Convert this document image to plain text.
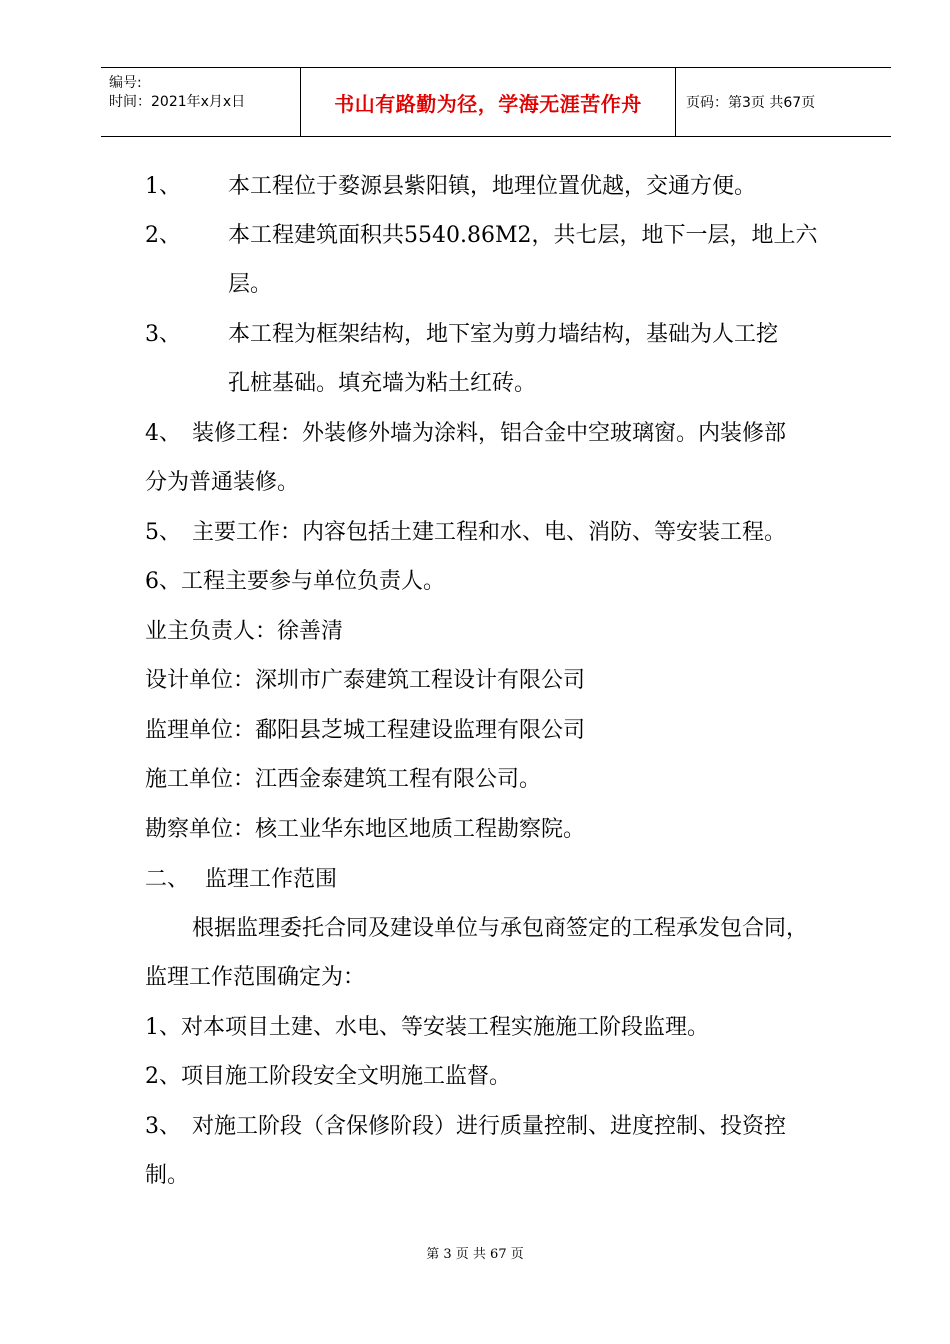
编号:
时间：2021年x月x日	书山有路勤为径，学海无涯苦作舟	页码：第3页 共67页
1、 本工程位于婺源县紫阳镇，地理位置优越，交通方便。
2、 本工程建筑面积共5540.86M2，共七层，地下一层，地上六
层。
3、 本工程为框架结构，地下室为剪力墙结构，基础为人工挖
孔桩基础。填充墙为粘土红砖。
4、 装修工程：外装修外墙为涂料，铝合金中空玻璃窗。内装修部
分为普通装修。
5、 主要工作：内容包括土建工程和水、电、消防、等安装工程。
6、工程主要参与单位负责人。
业主负责人：徐善清
设计单位：深圳市广泰建筑工程设计有限公司
监理单位：鄱阳县芝城工程建设监理有限公司
施工单位：江西金泰建筑工程有限公司。
勘察单位：核工业华东地区地质工程勘察院。
二、 监理工作范围
根据监理委托合同及建设单位与承包商签定的工程承发包合同，
监理工作范围确定为：
1、对本项目土建、水电、等安装工程实施施工阶段监理。
2、项目施工阶段安全文明施工监督。
3、 对施工阶段（含保修阶段）进行质量控制、进度控制、投资控
制。
第 3 页 共 67 页
